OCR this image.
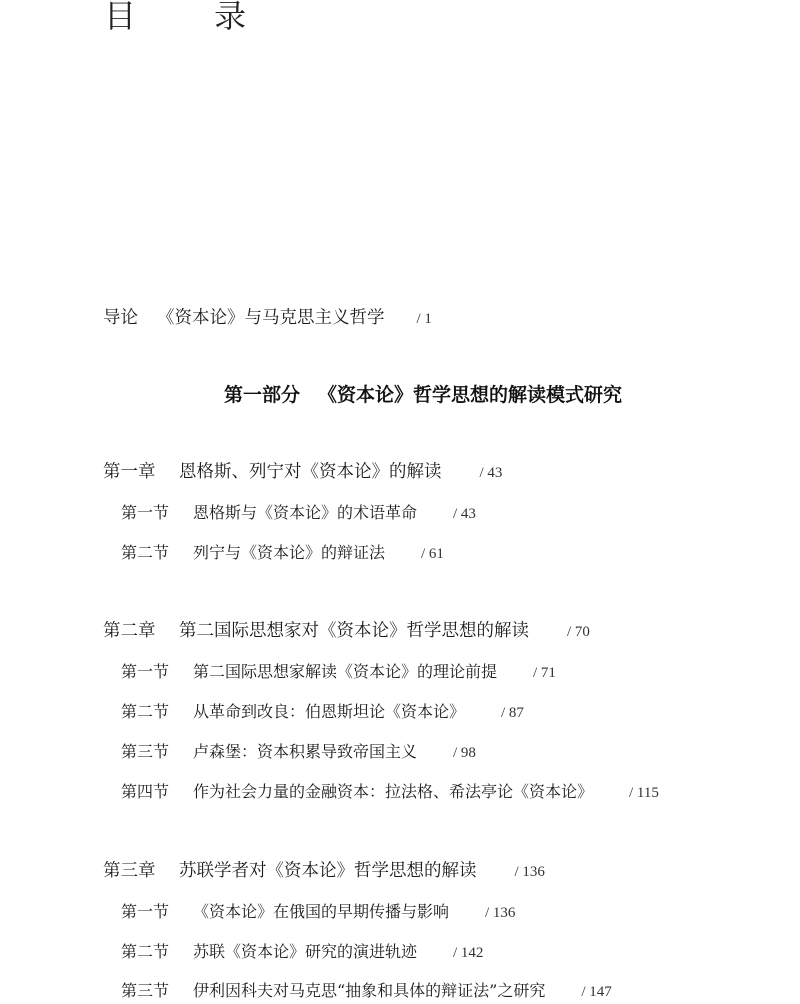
目 录
导论 《资本论》与马克思主义哲学 / 1
第一部分 《资本论》哲学思想的解读模式研究
第一章 恩格斯、列宁对《资本论》的解读	/ 43
第一节 恩格斯与《资本论》的术语革命 / 43
第二节 列宁与《资本论》的辩证法 / 61
第二章 第二国际思想家对《资本论》哲学思想的解读	/ 70
第一节 第二国际思想家解读《资本论》的理论前提 / 71
第二节 从革命到改良：伯恩斯坦论《资本论》 / 87
第三节 卢森堡：资本积累导致帝国主义 / 98
第四节 作为社会力量的金融资本：拉法格、希法亭论《资本论》 / 115
第三章 苏联学者对《资本论》哲学思想的解读	/ 136
第一节 《资本论》在俄国的早期传播与影响 / 136
第二节 苏联《资本论》研究的演进轨迹 / 142
第三节 伊利因科夫对马克思“抽象和具体的辩证法”之研究 / 147
